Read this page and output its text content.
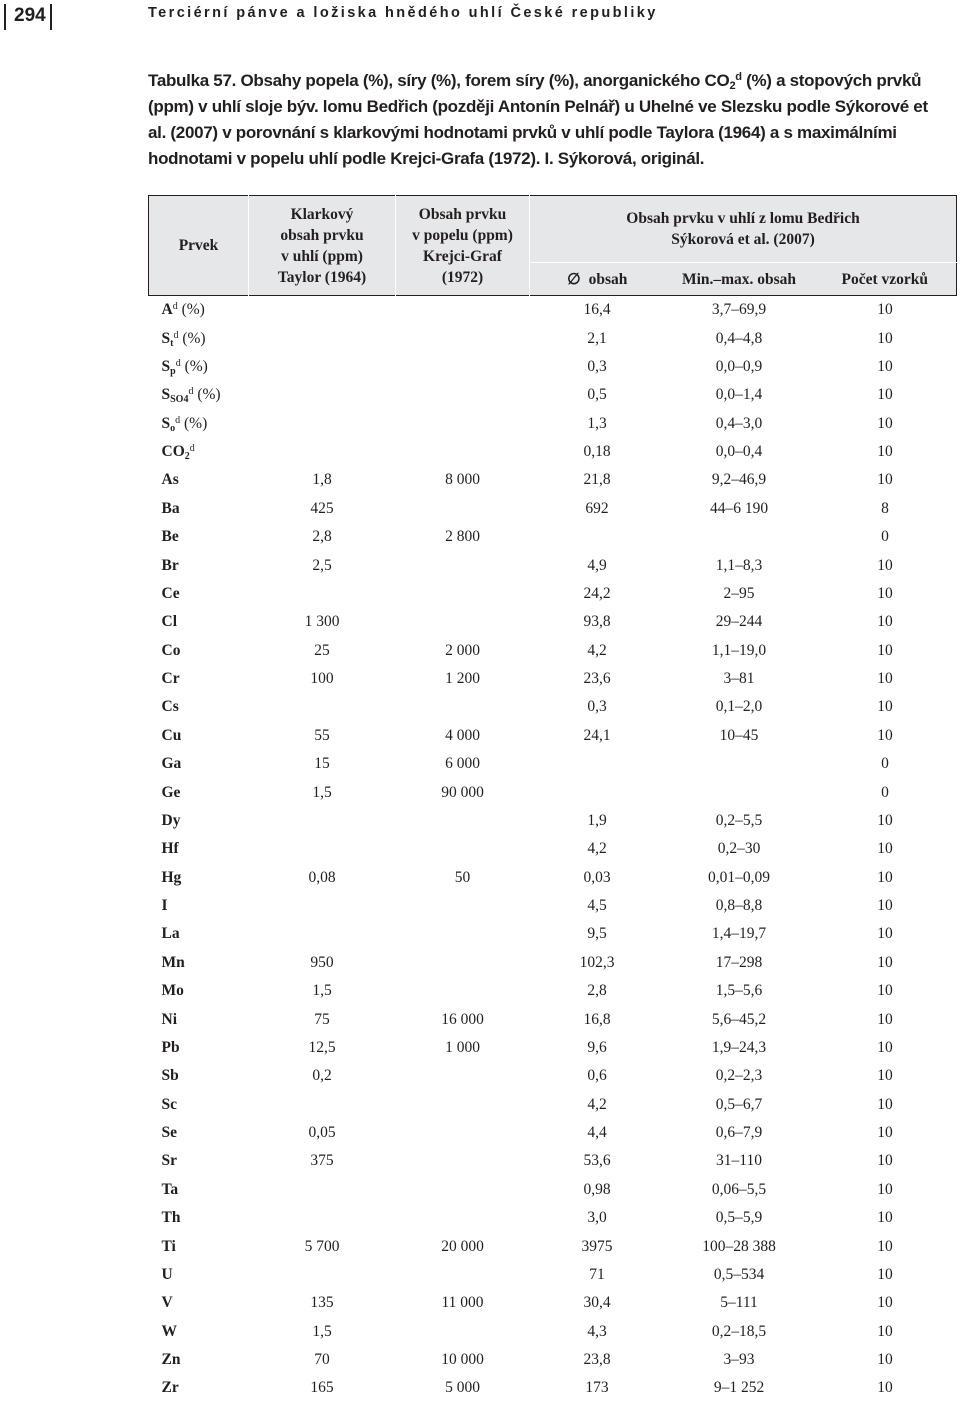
294	Terciérní pánve a ložiska hnědého uhlí České republiky
Tabulka 57. Obsahy popela (%), síry (%), forem síry (%), anorganického $CO_2^d$ (%) a stopových prvků (ppm) v uhlí sloje býv. lomu Bedřich (později Antonín Pelnář) u Uhelné ve Slezsku podle Sýkorové et al. (2007) v porovnání s klarkovými hodnotami prvků v uhlí podle Taylora (1964) a s maximálními hodnotami v popelu uhlí podle Krejci-Grafa (1972). I. Sýkorová, originál.
Prvek	Klarkový
obsah prvku
v uhlí (ppm)
Taylor (1964)	Obsah prvku
v popelu (ppm)
Krejci-Graf
(1972)	Obsah prvku v uhlí z lomu Bedřich
Sýkorová et al. (2007)		
			∅ obsah	Min.–max. obsah	Počet vzorků
$A^d$ (%)			16,4	3,7–69,9	10
$S_t^d$ (%)			2,1	0,4–4,8	10
$S_p^d$ (%)			0,3	0,0–0,9	10
$S_{SO4}^d$ (%)			0,5	0,0–1,4	10
$S_o^d$ (%)			1,3	0,4–3,0	10
$CO_2^d$			0,18	0,0–0,4	10
As	1,8	8 000	21,8	9,2–46,9	10
Ba	425		692	44–6 190	8
Be	2,8	2 800			0
Br	2,5		4,9	1,1–8,3	10
Ce			24,2	2–95	10
Cl	1 300		93,8	29–244	10
Co	25	2 000	4,2	1,1–19,0	10
Cr	100	1 200	23,6	3–81	10
Cs			0,3	0,1–2,0	10
Cu	55	4 000	24,1	10–45	10
Ga	15	6 000			0
Ge	1,5	90 000			0
Dy			1,9	0,2–5,5	10
Hf			4,2	0,2–30	10
Hg	0,08	50	0,03	0,01–0,09	10
I			4,5	0,8–8,8	10
La			9,5	1,4–19,7	10
Mn	950		102,3	17–298	10
Mo	1,5		2,8	1,5–5,6	10
Ni	75	16 000	16,8	5,6–45,2	10
Pb	12,5	1 000	9,6	1,9–24,3	10
Sb	0,2		0,6	0,2–2,3	10
Sc			4,2	0,5–6,7	10
Se	0,05		4,4	0,6–7,9	10
Sr	375		53,6	31–110	10
Ta			0,98	0,06–5,5	10
Th			3,0	0,5–5,9	10
Ti	5 700	20 000	3975	100–28 388	10
U			71	0,5–534	10
V	135	11 000	30,4	5–111	10
W	1,5		4,3	0,2–18,5	10
Zn	70	10 000	23,8	3–93	10
Zr	165	5 000	173	9–1 252	10
